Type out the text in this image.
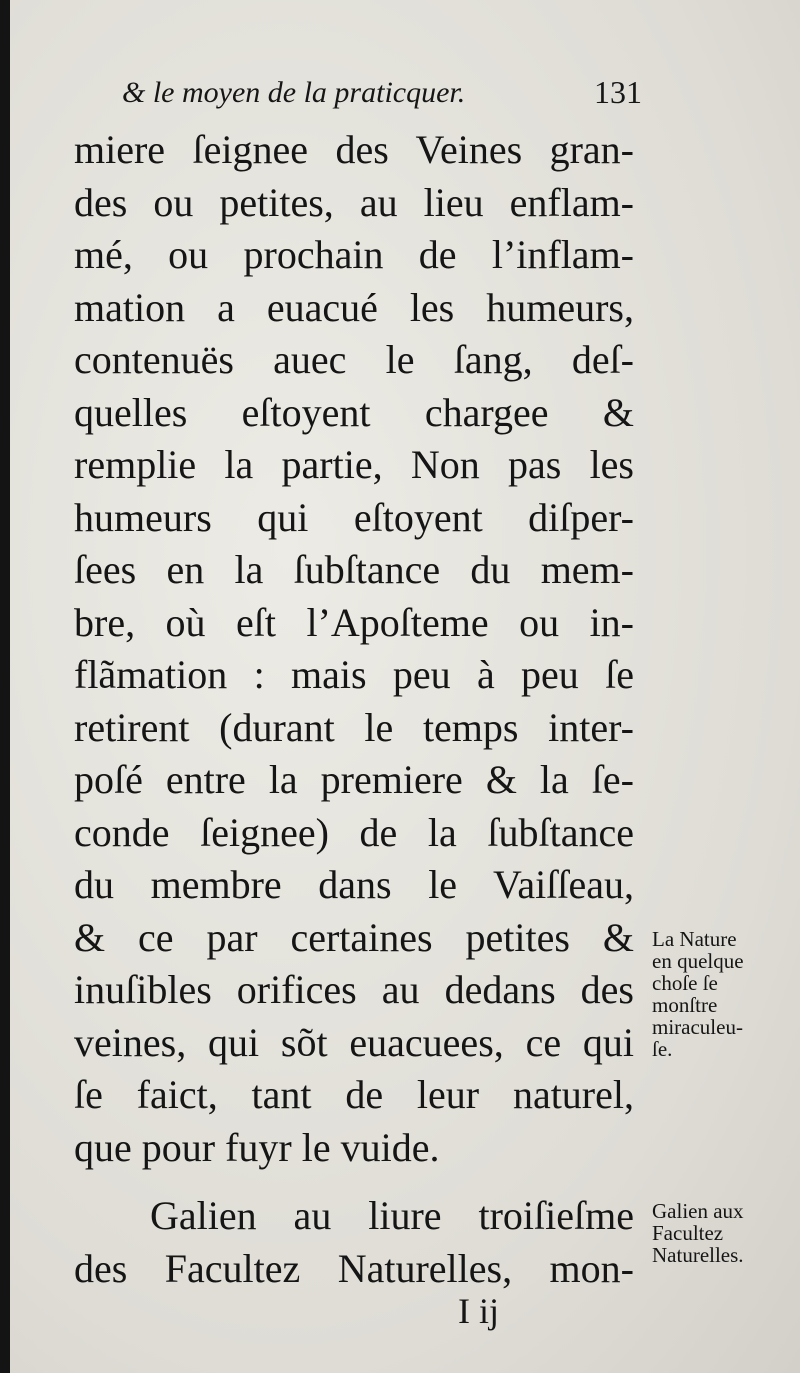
& le moyen de la praticquer.	131
miere ſeignee des Veines gran-
des ou petites, au lieu enflam-
mé, ou prochain de l’inflam-
mation a euacué les humeurs,
contenuës auec le ſang, deſ-
quelles eſtoyent chargee &
remplie la partie, Non pas les
humeurs qui eſtoyent diſper-
ſees en la ſubſtance du mem-
bre, où eſt l’Apoſteme ou in-
flãmation : mais peu à peu ſe
retirent (durant le temps inter-
poſé entre la premiere & la ſe-
conde ſeignee) de la ſubſtance
du membre dans le Vaiſſeau,
& ce par certaines petites &
inuſibles orifices au dedans des
veines, qui sõt euacuees, ce qui
ſe faict, tant de leur naturel,
que pour fuyr le vuide.
Galien au liure troiſieſme
des Facultez Naturelles, mon-
La Nature
en quelque
choſe ſe
monſtre
miraculeu-
ſe.
Galien aux
Facultez
Naturelles.
I ij
